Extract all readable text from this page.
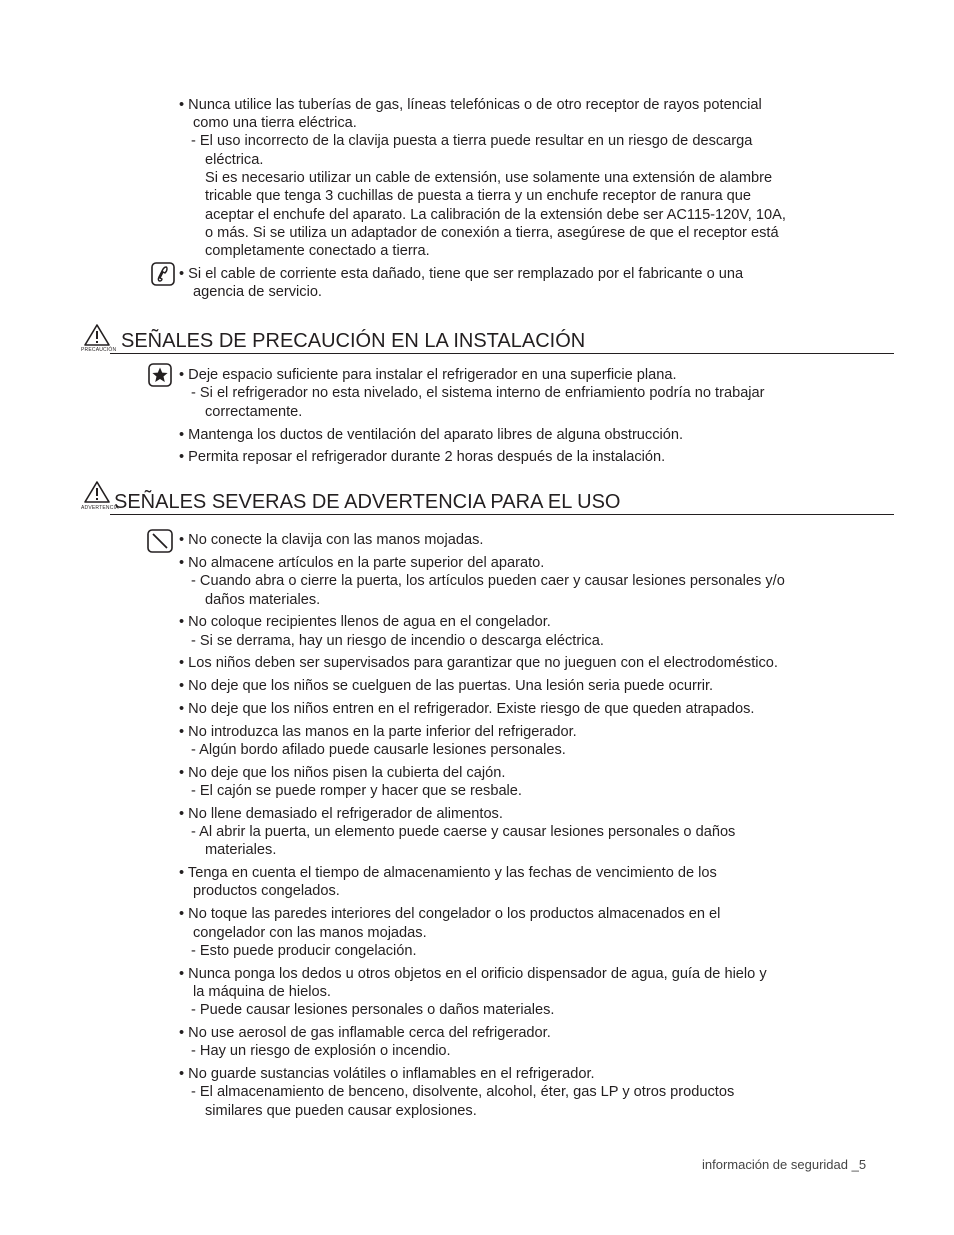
• Nunca utilice las tuberías de gas, líneas telefónicas o de otro receptor de rayos potencial
como una tierra eléctrica.
- El uso incorrecto de la clavija puesta a tierra puede resultar en un riesgo de descarga
eléctrica.
Si es necesario utilizar un cable de extensión, use solamente una extensión de alambre
tricable que tenga 3 cuchillas de puesta a tierra y un enchufe receptor de ranura que
aceptar el enchufe del aparato. La calibración de la extensión debe ser AC115-120V, 10A,
o más. Si se utiliza un adaptador de conexión a tierra, asegúrese de que el receptor está
completamente conectado a tierra.
• Si el cable de corriente esta dañado, tiene que ser remplazado por el fabricante o una
agencia de servicio.
PRECAUCIÓN SEÑALES DE PRECAUCIÓN EN LA INSTALACIÓN
• Deje espacio suficiente para instalar el refrigerador en una superficie plana.
- Si el refrigerador no esta nivelado, el sistema interno de enfriamiento podría no trabajar
correctamente.
• Mantenga los ductos de ventilación del aparato libres de alguna obstrucción.
• Permita reposar el refrigerador durante 2 horas después de la instalación.
ADVERTENCIA
SEÑALES SEVERAS DE ADVERTENCIA PARA EL USO
• No conecte la clavija con las manos mojadas.
• No almacene artículos en la parte superior del aparato.
- Cuando abra o cierre la puerta, los artículos pueden caer y causar lesiones personales y/o
daños materiales.
• No coloque recipientes llenos de agua en el congelador.
- Si se derrama, hay un riesgo de incendio o descarga eléctrica.
• Los niños deben ser supervisados para garantizar que no jueguen con el electrodoméstico.
• No deje que los niños se cuelguen de las puertas. Una lesión seria puede ocurrir.
• No deje que los niños entren en el refrigerador. Existe riesgo de que queden atrapados.
• No introduzca las manos en la parte inferior del refrigerador.
- Algún bordo afilado puede causarle lesiones personales.
• No deje que los niños pisen la cubierta del cajón.
- El cajón se puede romper y hacer que se resbale.
• No llene demasiado el refrigerador de alimentos.
- Al abrir la puerta, un elemento puede caerse y causar lesiones personales o daños
materiales.
• Tenga en cuenta el tiempo de almacenamiento y las fechas de vencimiento de los
productos congelados.
• No toque las paredes interiores del congelador o los productos almacenados en el
congelador con las manos mojadas.
- Esto puede producir congelación.
• Nunca ponga los dedos u otros objetos en el orificio dispensador de agua, guía de hielo y
la máquina de hielos.
- Puede causar lesiones personales o daños materiales.
• No use aerosol de gas inflamable cerca del refrigerador.
- Hay un riesgo de explosión o incendio.
• No guarde sustancias volátiles o inflamables en el refrigerador.
- El almacenamiento de benceno, disolvente, alcohol, éter, gas LP y otros productos
similares que pueden causar explosiones.
información de seguridad _5
